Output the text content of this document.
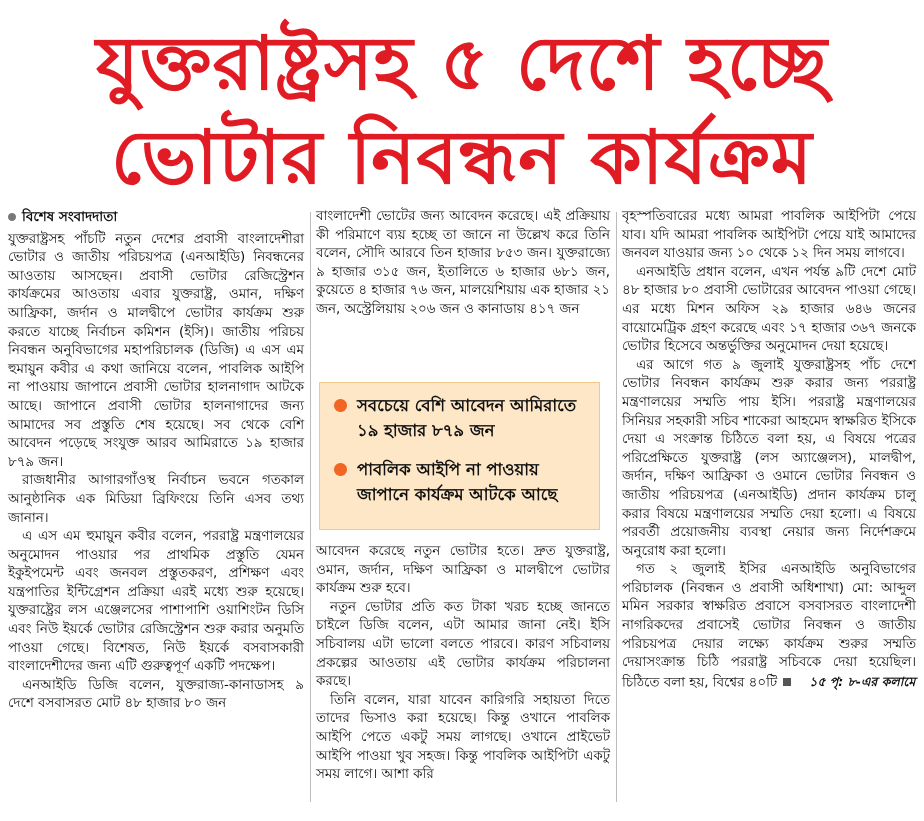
যুক্তরাষ্ট্রসহ ৫ দেশে হচ্ছে
ভোটার নিবন্ধন কার্যক্রম
বিশেষ সংবাদদাতা

যুক্তরাষ্ট্রসহ পাঁচটি নতুন দেশের প্রবাসী বাংলাদেশীরা ভোটার ও জাতীয় পরিচয়পত্র (এনআইডি) নিবন্ধনের আওতায় আসছেন। প্রবাসী ভোটার রেজিস্ট্রেশন কার্যক্রমের আওতায় এবার যুক্তরাষ্ট্র, ওমান, দক্ষিণ আফ্রিকা, জর্দান ও মালদ্বীপে ভোটার কার্যক্রম শুরু করতে যাচ্ছে নির্বাচন কমিশন (ইসি)। জাতীয় পরিচয় নিবন্ধন অনুবিভাগের মহাপরিচালক (ডিজি) এ এস এম হুমায়ুন কবীর এ কথা জানিয়ে বলেন, পাবলিক আইপি না পাওয়ায় জাপানে প্রবাসী ভোটার হালনাগাদ আটকে আছে। জাপানে প্রবাসী ভোটার হালনাগাদের জন্য আমাদের সব প্রস্তুতি শেষ হয়েছে। সব থেকে বেশি আবেদন পড়েছে সংযুক্ত আরব আমিরাতে ১৯ হাজার ৮৭৯ জন।

রাজধানীর আগারগাঁওস্থ নির্বাচন ভবনে গতকাল আনুষ্ঠানিক এক মিডিয়া ব্রিফিংয়ে তিনি এসব তথ্য জানান।

এ এস এম হুমায়ুন কবীর বলেন, পররাষ্ট্র মন্ত্রণালয়ের অনুমোদন পাওয়ার পর প্রাথমিক প্রস্তুতি যেমন ইকুইপমেন্ট এবং জনবল প্রস্তুতকরণ, প্রশিক্ষণ এবং যন্ত্রপাতির ইন্টিগ্রেশন প্রক্রিয়া এরই মধ্যে শুরু হয়েছে। যুক্তরাষ্ট্রের লস এঞ্জেলসের পাশাপাশি ওয়াশিংটন ডিসি এবং নিউ ইয়র্কে ভোটার রেজিস্ট্রেশন শুরু করার অনুমতি পাওয়া গেছে। বিশেষত, নিউ ইয়র্কে বসবাসকারী বাংলাদেশীদের জন্য এটি গুরুত্বপূর্ণ একটি পদক্ষেপ।

এনআইডি ডিজি বলেন, যুক্তরাজ্য-কানাডাসহ ৯ দেশে বসবাসরত মোট ৪৮ হাজার ৮০ জন

বাংলাদেশী ভোটের জন্য আবেদন করেছে। এই প্রক্রিয়ায় কী পরিমাণে ব্যয় হচ্ছে তা জানে না উল্লেখ করে তিনি বলেন, সৌদি আরবে তিন হাজার ৮৫৩ জন। যুক্তরাজ্যে ৯ হাজার ৩১৫ জন, ইতালিতে ৬ হাজার ৬৮১ জন, কুয়েতে ৪ হাজার ৭৬ জন, মালয়েশিয়ায় এক হাজার ২১ জন, অস্ট্রেলিয়ায় ২০৬ জন ও কানাডায় ৪১৭ জন

সবচেয়ে বেশি আবেদন আমিরাতে ১৯ হাজার ৮৭৯ জন
পাবলিক আইপি না পাওয়ায় জাপানে কার্যক্রম আটকে আছে

আবেদন করেছে নতুন ভোটার হতে। দ্রুত যুক্তরাষ্ট্র, ওমান, জর্দান, দক্ষিণ আফ্রিকা ও মালদ্বীপে ভোটার কার্যক্রম শুরু হবে।

নতুন ভোটার প্রতি কত টাকা খরচ হচ্ছে জানতে চাইলে ডিজি বলেন, এটা আমার জানা নেই। ইসি সচিবালয় এটা ভালো বলতে পারবে। কারণ সচিবালয় প্রকল্পের আওতায় এই ভোটার কার্যক্রম পরিচালনা করছে।

তিনি বলেন, যারা যাবেন কারিগরি সহায়তা দিতে তাদের ভিসাও করা হয়েছে। কিন্তু ওখানে পাবলিক আইপি পেতে একটু সময় লাগছে। ওখানে প্রাইভেট আইপি পাওয়া খুব সহজ। কিন্তু পাবলিক আইপিটা একটু সময় লাগে। আশা করি

বৃহস্পতিবারের মধ্যে আমরা পাবলিক আইপিটা পেয়ে যাব। যদি আমরা পাবলিক আইপিটা পেয়ে যাই আমাদের জনবল যাওয়ার জন্য ১০ থেকে ১২ দিন সময় লাগবে।

এনআইডি প্রধান বলেন, এখন পর্যন্ত ৯টি দেশে মোট ৪৮ হাজার ৮০ প্রবাসী ভোটারের আবেদন পাওয়া গেছে। এর মধ্যে মিশন অফিস ২৯ হাজার ৬৪৬ জনের বায়োমেট্রিক গ্রহণ করেছে এবং ১৭ হাজার ৩৬৭ জনকে ভোটার হিসেবে অন্তর্ভুক্তির অনুমোদন দেয়া হয়েছে।

এর আগে গত ৯ জুলাই যুক্তরাষ্ট্রসহ পাঁচ দেশে ভোটার নিবন্ধন কার্যক্রম শুরু করার জন্য পররাষ্ট্র মন্ত্রণালয়ের সম্মতি পায় ইসি। পররাষ্ট্র মন্ত্রণালয়ের সিনিয়র সহকারী সচিব শাকেরা আহমেদ স্বাক্ষরিত ইসিকে দেয়া এ সংক্রান্ত চিঠিতে বলা হয়, এ বিষয়ে পত্রের পরিপ্রেক্ষিতে যুক্তরাষ্ট্র (লস অ্যাঞ্জেলস), মালদ্বীপ, জর্দান, দক্ষিণ আফ্রিকা ও ওমানে ভোটার নিবন্ধন ও জাতীয় পরিচয়পত্র (এনআইডি) প্রদান কার্যক্রম চালু করার বিষয়ে মন্ত্রণালয়ের সম্মতি দেয়া হলো। এ বিষয়ে পরবর্তী প্রয়োজনীয় ব্যবস্থা নেয়ার জন্য নির্দেশক্রমে অনুরোধ করা হলো।

গত ২ জুলাই ইসির এনআইডি অনুবিভাগের পরিচালক (নিবন্ধন ও প্রবাসী অধিশাখা) মো: আব্দুল মমিন সরকার স্বাক্ষরিত প্রবাসে বসবাসরত বাংলাদেশী নাগরিকদের প্রবাসেই ভোটার নিবন্ধন ও জাতীয় পরিচয়পত্র দেয়ার লক্ষ্যে কার্যক্রম শুরুর সম্মতি দেয়াসংক্রান্ত চিঠি পররাষ্ট্র সচিবকে দেয়া হয়েছিল। চিঠিতে বলা হয়, বিশ্বের ৪০টি	১৫ পৃ: ৮-এর কলামে
